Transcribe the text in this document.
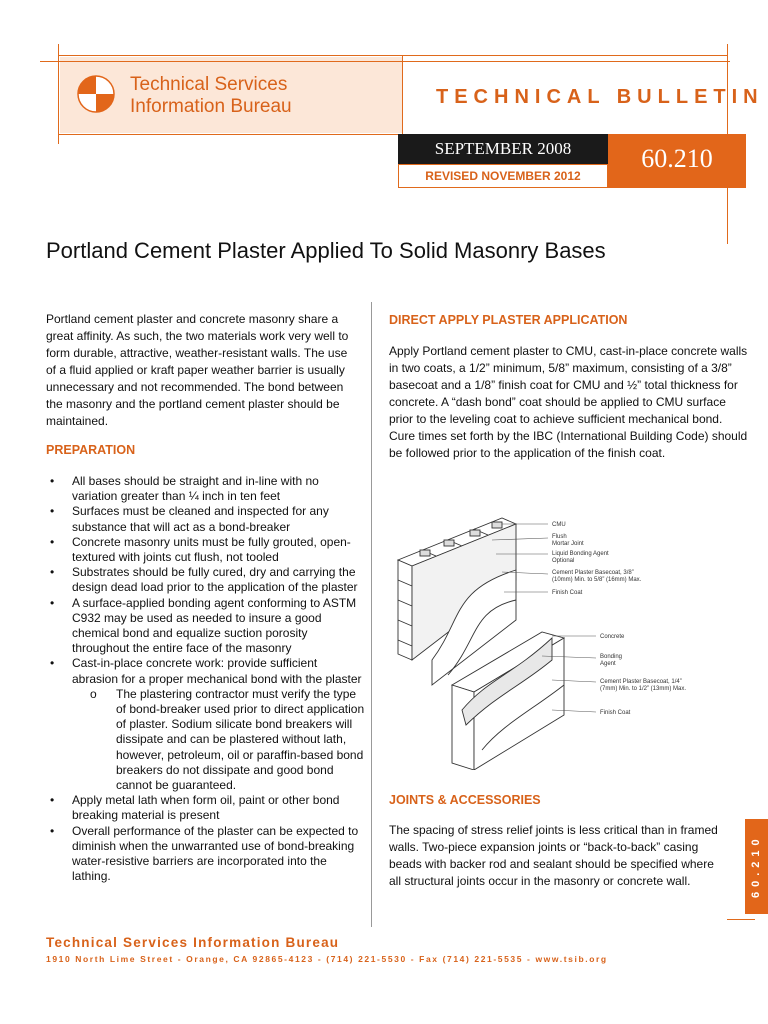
Technical Services
Information Bureau	TECHNICAL BULLETIN
SEPTEMBER 2008	60.210
REVISED NOVEMBER 2012
Portland Cement Plaster Applied To Solid Masonry Bases
Portland cement plaster and concrete masonry share a great affinity. As such, the two materials work very well to form durable, attractive, weather-resistant walls. The use of a fluid applied or kraft paper weather barrier is usually unnecessary and not recommended. The bond between the masonry and the portland cement plaster should be maintained.
PREPARATION
• All bases should be straight and in-line with no variation greater than ¼ inch in ten feet
• Surfaces must be cleaned and inspected for any substance that will act as a bond-breaker
• Concrete masonry units must be fully grouted, open-textured with joints cut flush, not tooled
• Substrates should be fully cured, dry and carrying the design dead load prior to the application of the plaster
• A surface-applied bonding agent conforming to ASTM C932 may be used as needed to insure a good chemical bond and equalize suction porosity throughout the entire face of the masonry
• Cast-in-place concrete work: provide sufficient abrasion for a proper mechanical bond with the plaster
o The plastering contractor must verify the type of bond-breaker used prior to direct application of plaster. Sodium silicate bond breakers will dissipate and can be plastered without lath, however, petroleum, oil or paraffin-based bond breakers do not dissipate and good bond cannot be guaranteed.
• Apply metal lath when form oil, paint or other bond breaking material is present
• Overall performance of the plaster can be expected to diminish when the unwarranted use of bond-breaking water-resistive barriers are incorporated into the lathing.
DIRECT APPLY PLASTER APPLICATION
Apply Portland cement plaster to CMU, cast-in-place concrete walls in two coats, a 1/2” minimum, 5/8” maximum, consisting of a 3/8” basecoat and a 1/8” finish coat for CMU and ½” total thickness for concrete. A “dash bond” coat should be applied to CMU surface prior to the leveling coat to achieve sufficient mechanical bond. Cure times set forth by the IBC (International Building Code) should be followed prior to the application of the finish coat.
CMU
Flush
Mortar Joint
Liquid Bonding Agent
Optional
Cement Plaster Basecoat, 3/8”
(10mm) Min. to 5/8” (16mm) Max.
Finish Coat
Concrete
Bonding
Agent
Cement Plaster Basecoat, 1/4”
(7mm) Min. to 1/2” (13mm) Max.
Finish Coat
JOINTS & ACCESSORIES
The spacing of stress relief joints is less critical than in framed walls. Two-piece expansion joints or “back-to-back” casing beads with backer rod and sealant should be specified where all structural joints occur in the masonry or concrete wall.	60.210
Technical Services Information Bureau
1910 North Lime Street - Orange, CA 92865-4123 - (714) 221-5530 - Fax (714) 221-5535 - www.tsib.org
